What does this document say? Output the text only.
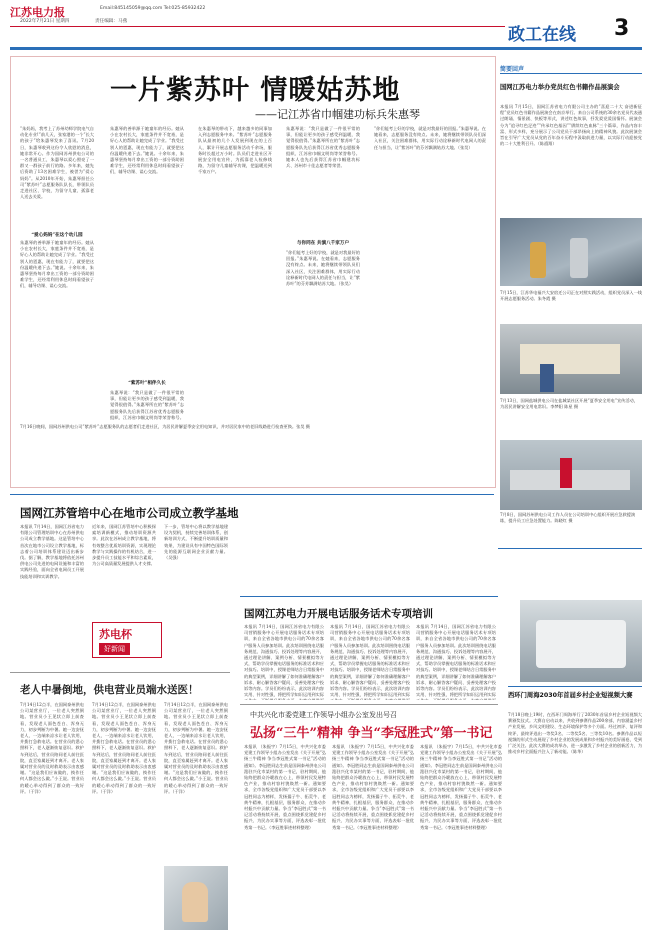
江苏电力报	Email:845145059@qq.com Tel:025-85932422
2022年7月21日 星期四	责任编辑：马燕
政工在线 3
一片紫苏叶 情暖姑苏地
——记江苏省巾帼建功标兵朱惠琴
“朱妈妈，我考上了苏州幼师学院电气自动化专业!”前几天，张家港的一个“长大的孩子”给朱惠琴发来了喜讯。7月20日，朱惠琴收到这份令人欣慰的消息，她非常开心。作为国网苏州供电公司的一名普通员工，朱惠琴以爱心照亮了一群又一群孩子前行的路。多年来，她先后资助了13名困难学生，被誉为“爱心妈妈”。从2010年开始，朱惠琴担任公司“紫苏叶”志愿服务队队长，带领队员走进社区、学校，为留守儿童、孤寡老人送去关爱。
“爱心妈妈”在这个幼儿园
朱惠琴的善举源于她童年的经历。她从小在农村长大，家庭条件并不宽裕，是好心人的帮助让她完成了学业。“我受过别人的恩惠，现在有能力了，就要把这份温暖传递下去。”她说。十余年来，朱惠琴坚持每月拿出工资的一部分资助困难学生，还经常利用休息时间看望孩子们，辅导功课、谈心交流。
朱惠琴的善举源于她童年的经历。她从小在农村长大，家庭条件并不宽裕，是好心人的帮助让她完成了学业。“我受过别人的恩惠，现在有能力了，就要把这份温暖传递下去。”她说。十余年来，朱惠琴坚持每月拿出工资的一部分资助困难学生，还经常利用休息时间看望孩子们，辅导功课、谈心交流。
“紫苏叶”相伴久长
朱惠琴说：“我只是做了一件很平常的事，但能让更多的孩子感受到温暖，我觉得很值得。”朱惠琴所在的“紫苏叶”志愿服务队先后获得江苏省优秀志愿服务组织、江苏省巾帼文明岗等荣誉称号。
在朱惠琴的带动下，越来越多的同事加入到志愿服务中来。“紫苏叶”志愿服务队从最初的几个人发展到现在的上百人，累计开展志愿服务活动千余场，服务时长超过万小时。队员们走进社区开展安全用电宣传，为孤寡老人检修线路，为留守儿童辅导功课，把温暖送到千家万户。
朱惠琴说：“我只是做了一件很平常的事，但能让更多的孩子感受到温暖，我觉得很值得。”朱惠琴所在的“紫苏叶”志愿服务队先后获得江苏省优秀志愿服务组织、江苏省巾帼文明岗等荣誉称号。她本人也先后获得江苏省巾帼建功标兵、苏州市十佳志愿者等荣誉。
与你同在 共演八千家万户
“你们能考上好的学校，就是对我最好的回报。”朱惠琴说。在她看来，志愿服务没有终点。未来，她将继续带领队员们深入社区，关注困难群体，用实际行动诠释新时代电网人的责任与担当，让“紫苏叶”的芬芳飘满姑苏大地。（张昊）
“你们能考上好的学校，就是对我最好的回报。”朱惠琴说。在她看来，志愿服务没有终点。未来，她将继续带领队员们深入社区，关注困难群体，用实际行动诠释新时代电网人的责任与担当，让“紫苏叶”的芬芳飘满姑苏大地。（张昊）
7月16日晚间，国网苏州供电公司“紫苏叶”志愿服务队的志愿者们走进社区，为居民讲解夏季安全用电知识，并对居民家中的老旧线路进行检查更换。张昊 摄
简要回声
国网江苏电力举办党员红色书籍作品展演会
本报讯 7月15日，国网江苏省电力有限公司主办的“喜迎二十大 奋进新征程”党员红色书籍作品展演会在南京举行。来自公司系统的30余名党员代表通过朗诵、情景剧、快板等形式，讲述红色故事，抒发爱党爱国情怀。展演会分为“追寻红色足迹”“传承红色基因”“赓续红色血脉”三个篇章，作品内容丰富、形式多样，充分展示了公司党员干部昂扬向上的精神风貌。此次展演会旨在引导广大党员从党的百年奋斗历程中汲取前进力量，以实际行动迎接党的二十大胜利召开。（陈禧翔）
7月15日，江苏华电福兴大安宿迁公司正在对照实践活动，组织党员深入一线开展志愿服务活动。朱冬霞 摄
7月13日，国网盐城供电公司在盐城某社区开展“夏季安全用电”宣传活动，为居民讲解安全用电常识。李梦阳 陈星 摄
7月8日，国网苏州供电公司工作人员在公司培训中心组织开展应急救援演练，提升员工应急处置能力。陈晓红 摄
国网江苏管培中心在地市公司成立教学基地
本报讯 7月14日，国网江苏省电力有限公司管理培训中心在苏州供电公司成立教学基地。这是管培中心首次在地市公司设立教学基地，标志着公司培训体系建设迈出新步伐。据了解，教学基地将依托苏州供电公司先进的电网设施和丰富的实践经验，面向全省电网员工开展技能培训和实训教学。
近年来，国网江苏管培中心积极探索培训新模式，推动培训资源共享。此次在苏州成立教学基地，将有效整合优质培训资源，实现理论教学与实践操作的有机结合，进一步提升员工技能水平和综合素质，为公司高质量发展提供人才支撑。
下一步，管培中心将以教学基地建设为契机，持续完善培训体系，创新培训方式，不断提升培训质量和效果，为建设具有中国特色国际领先的能源互联网企业贡献力量。（吴强）
苏电杯
好新闻
老人中暑倒地，供电营业员端水送医！
7月14日12点半，在国网泰州供电公司某营业厅，一位老人突然倒地。营业员小王见状立即上前查看，发现老人面色苍白、浑身无力，初步判断为中暑。她一边安抚老人，一边端来凉水让老人饮用，并拨打急救电话。在营业员的悉心照料下，老人逐渐恢复意识。救护车到达后，营业员陪同老人前往医院，直至家属赶到才离开。老人家属对营业员的及时救助表示由衷感谢。“这是我们应该做的，换作任何人都会这么做。”小王说。营业员的暖心举动得到了群众的一致好评。（于洋）
7月14日12点半，在国网泰州供电公司某营业厅，一位老人突然倒地。营业员小王见状立即上前查看，发现老人面色苍白、浑身无力，初步判断为中暑。她一边安抚老人，一边端来凉水让老人饮用，并拨打急救电话。在营业员的悉心照料下，老人逐渐恢复意识。救护车到达后，营业员陪同老人前往医院，直至家属赶到才离开。老人家属对营业员的及时救助表示由衷感谢。“这是我们应该做的，换作任何人都会这么做。”小王说。营业员的暖心举动得到了群众的一致好评。（于洋）
7月14日12点半，在国网泰州供电公司某营业厅，一位老人突然倒地。营业员小王见状立即上前查看，发现老人面色苍白、浑身无力，初步判断为中暑。她一边安抚老人，一边端来凉水让老人饮用，并拨打急救电话。在营业员的悉心照料下，老人逐渐恢复意识。救护车到达后，营业员陪同老人前往医院，直至家属赶到才离开。老人家属对营业员的及时救助表示由衷感谢。“这是我们应该做的，换作任何人都会这么做。”小王说。营业员的暖心举动得到了群众的一致好评。（于洋）
国网江苏电力开展电话服务话术专项培训
本报讯 7月14日，国网江苏省电力有限公司营销服务中心开展电话服务话术专项培训，来自全省各地市供电公司的70余名客户服务人员参加培训。此次培训围绕电话服务规范、沟通技巧、投诉处理等内容展开，通过理论讲解、案例分析、情景模拟等方式，帮助学员掌握电话服务的标准话术和应对技巧。培训中，授课老师结合日常服务中的典型案例，详细讲解了如何准确理解客户诉求、耐心解答客户疑问、妥善处理客户投诉等内容。学员们纷纷表示，此次培训内容实用、针对性强，将把所学知识运用到实际
本报讯 7月14日，国网江苏省电力有限公司营销服务中心开展电话服务话术专项培训，来自全省各地市供电公司的70余名客户服务人员参加培训。此次培训围绕电话服务规范、沟通技巧、投诉处理等内容展开，通过理论讲解、案例分析、情景模拟等方式，帮助学员掌握电话服务的标准话术和应对技巧。培训中，授课老师结合日常服务中的典型案例，详细讲解了如何准确理解客户诉求、耐心解答客户疑问、妥善处理客户投诉等内容。学员们纷纷表示，此次培训内容实用、针对性强，将把所学知识运用到实际
本报讯 7月14日，国网江苏省电力有限公司营销服务中心开展电话服务话术专项培训，来自全省各地市供电公司的70余名客户服务人员参加培训。此次培训围绕电话服务规范、沟通技巧、投诉处理等内容展开，通过理论讲解、案例分析、情景模拟等方式，帮助学员掌握电话服务的标准话术和应对技巧。培训中，授课老师结合日常服务中的典型案例，详细讲解了如何准确理解客户诉求、耐心解答客户疑问、妥善处理客户投诉等内容。学员们纷纷表示，此次培训内容实用、针对性强，将把所学知识运用到实际
中共兴化市委党建工作领导小组办公室发出号召
弘扬“三牛”精神 争当“李冠胜式”第一书记
本报讯 （朱振宇）7月15日，中共兴化市委党建工作领导小组办公室发出《关于开展“弘扬三牛精神 争当李冠胜式第一书记”活动的通知》。李冠胜同志生前是国网泰州供电公司派驻兴化市某村的第一书记，驻村期间，他始终把群众冷暖放在心上，带领村民发展特色产业，推动村容村貌焕然一新。通知要求，全市各级党组织和广大党员干部要以李冠胜同志为榜样，发扬孺子牛、拓荒牛、老黄牛精神，扎根基层，服务群众，在推动乡村振兴中贡献力量。争当“李冠胜式”第一书记活动将持续开展，重点围绕抓党建促乡村振兴、为民办实事等方面，评选表彰一批优秀第一书记。（李冠胜事迹材料整理）
本报讯 （朱振宇）7月15日，中共兴化市委党建工作领导小组办公室发出《关于开展“弘扬三牛精神 争当李冠胜式第一书记”活动的通知》。李冠胜同志生前是国网泰州供电公司派驻兴化市某村的第一书记，驻村期间，他始终把群众冷暖放在心上，带领村民发展特色产业，推动村容村貌焕然一新。通知要求，全市各级党组织和广大党员干部要以李冠胜同志为榜样，发扬孺子牛、拓荒牛、老黄牛精神，扎根基层，服务群众，在推动乡村振兴中贡献力量。争当“李冠胜式”第一书记活动将持续开展，重点围绕抓党建促乡村振兴、为民办实事等方面，评选表彰一批优秀第一书记。（李冠胜事迹材料整理）
本报讯 （朱振宇）7月15日，中共兴化市委党建工作领导小组办公室发出《关于开展“弘扬三牛精神 争当李冠胜式第一书记”活动的通知》。李冠胜同志生前是国网泰州供电公司派驻兴化市某村的第一书记，驻村期间，他始终把群众冷暖放在心上，带领村民发展特色产业，推动村容村貌焕然一新。通知要求，全市各级党组织和广大党员干部要以李冠胜同志为榜样，发扬孺子牛、拓荒牛、老黄牛精神，扎根基层，服务群众，在推动乡村振兴中贡献力量。争当“李冠胜式”第一书记活动将持续开展，重点围绕抓党建促乡村振兴、为民办实事等方面，评选表彰一批优秀第一书记。（李冠胜事迹材料整理）
西环门周海2030年首届乡村企业短视频大赛
7月18日晚上19时，在西环门周海举行了2030年首届乡村企业短视频大赛颁奖仪式。大赛自启动以来，共收到参赛作品200余部，内容涵盖乡村产业发展、乡风文明建设、生态环境保护等多个方面。经过初评、复评和终评，最终评选出一等奖3名、二等奖5名、三等奖10名。参赛作品以短视频的形式生动展现了乡村企业的发展成果和乡村振兴的美好画卷，受到广泛关注。此次大赛的成功举办，进一步激发了乡村企业的创新活力，为推动乡村全面振兴注入了新动能。（陈华）
